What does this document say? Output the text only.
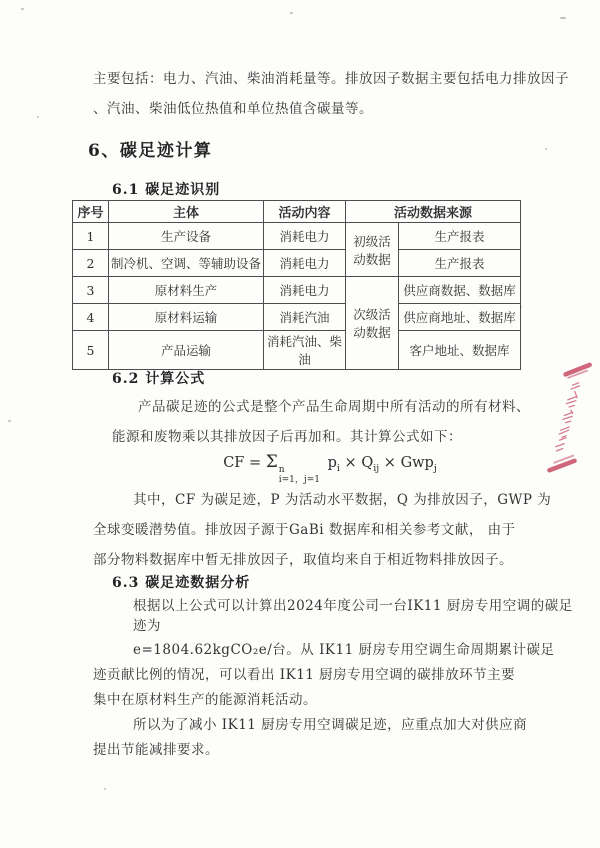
主要包括：电力、汽油、柴油消耗量等。排放因子数据主要包括电力排放因子
、汽油、柴油低位热值和单位热值含碳量等。
6、碳足迹计算
6.1 碳足迹识别
序号	主体	活动内容	活动数据来源	
1	生产设备	消耗电力	初级活动数据	生产报表
2	制冷机、空调、等辅助设备	消耗电力		生产报表
3	原材料生产	消耗电力	次级活动数据	供应商数据、数据库
4	原材料运输	消耗汽油		供应商地址、数据库
5	产品运输	消耗汽油、柴油		客户地址、数据库
6.2 计算公式
产品碳足迹的公式是整个产品生命周期中所有活动的所有材料、
能源和废物乘以其排放因子后再加和。其计算公式如下：
CF = Σ n
i=1，j=1
$p_i \times Q_{ij} \times Gwp_j$
其中，CF 为碳足迹，P 为活动水平数据，Q 为排放因子，GWP 为
全球变暖潜势值。排放因子源于GaBi 数据库和相关参考文献， 由于
部分物料数据库中暂无排放因子，取值均来自于相近物料排放因子。
6.3 碳足迹数据分析
根据以上公式可以计算出2024年度公司一台IK11 厨房专用空调的碳足
迹为
e=1804.62kgCO₂e/台。从 IK11 厨房专用空调生命周期累计碳足
迹贡献比例的情况，可以看出 IK11 厨房专用空调的碳排放环节主要
集中在原材料生产的能源消耗活动。
所以为了减小 IK11 厨房专用空调碳足迹，应重点加大对供应商
提出节能减排要求。
